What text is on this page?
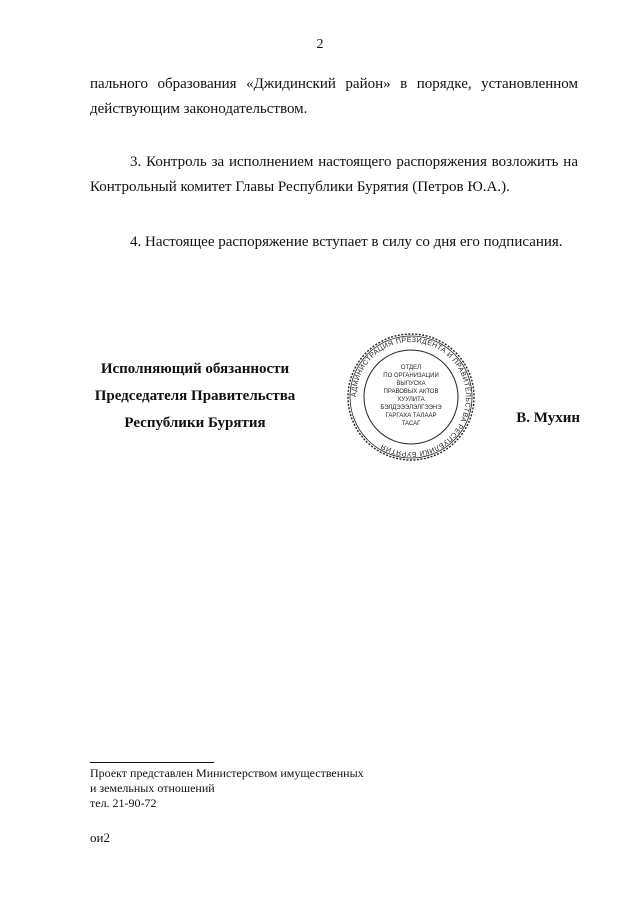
2

пального образования «Джидинский район» в порядке, установленном действующим законодательством.

3. Контроль за исполнением настоящего распоряжения возложить на Контрольный комитет Главы Республики Бурятия (Петров Ю.А.).

4. Настоящее распоряжение вступает в силу со дня его подписания.

Исполняющий обязанности
Председателя Правительства
Республики Бурятия
АДМИНИСТРАЦИЯ ПРЕЗИДЕНТА И ПРАВИТЕЛЬСТВА РЕСПУБЛИКИ БУРЯТИЯ
ОТДЕЛ
ПО ОРГАНИЗАЦИИ
ВЫПУСКА
ПРАВОВЫХ АКТОВ
ХУУЛИТА
БЭЛДЭЭЭЛЭЛГЭЭНЭ
ГАРГАХА ТАЛААР
ТАСАГ	В. Мухин
Проект представлен Министерством имущественных
и земельных отношений
тел. 21-90-72
ои2
